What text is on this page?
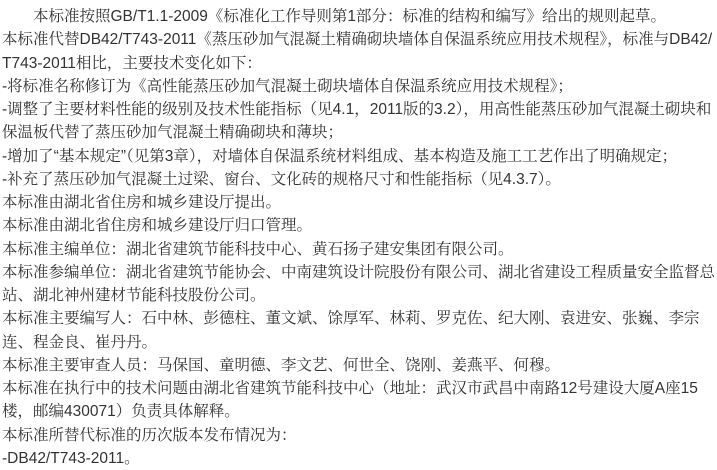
本标准按照GB/T1.1-2009《标准化工作导则第1部分：标准的结构和编写》给出的规则起草。

本标准代替DB42/T743-2011《蒸压砂加气混凝土精确砌块墙体自保温系统应用技术规程》，标准与DB42/T743-2011相比，主要技术变化如下：

-将标准名称修订为《高性能蒸压砂加气混凝土砌块墙体自保温系统应用技术规程》；

-调整了主要材料性能的级别及技术性能指标（见4.1，2011版的3.2），用高性能蒸压砂加气混凝土砌块和保温板代替了蒸压砂加气混凝土精确砌块和薄块；

-增加了“基本规定”（见第3章），对墙体自保温系统材料组成、基本构造及施工工艺作出了明确规定；

-补充了蒸压砂加气混凝土过梁、窗台、文化砖的规格尺寸和性能指标（见4.3.7）。

本标准由湖北省住房和城乡建设厅提出。

本标准由湖北省住房和城乡建设厅归口管理。

本标准主编单位：湖北省建筑节能科技中心、黄石扬子建安集团有限公司。

本标准参编单位：湖北省建筑节能协会、中南建筑设计院股份有限公司、湖北省建设工程质量安全监督总站、湖北神州建材节能科技股份公司。

本标准主要编写人：石中林、彭德柱、董文斌、馀厚军、林莉、罗克佐、纪大刚、袁进安、张巍、李宗连、程金良、崔丹丹。

本标准主要审查人员：马保国、童明德、李文艺、何世全、饶刚、姜燕平、何穆。

本标准在执行中的技术问题由湖北省建筑节能科技中心（地址：武汉市武昌中南路12号建设大厦A座15楼，邮编430071）负责具体解释。

本标准所替代标准的历次版本发布情况为：

-DB42/T743-2011。
